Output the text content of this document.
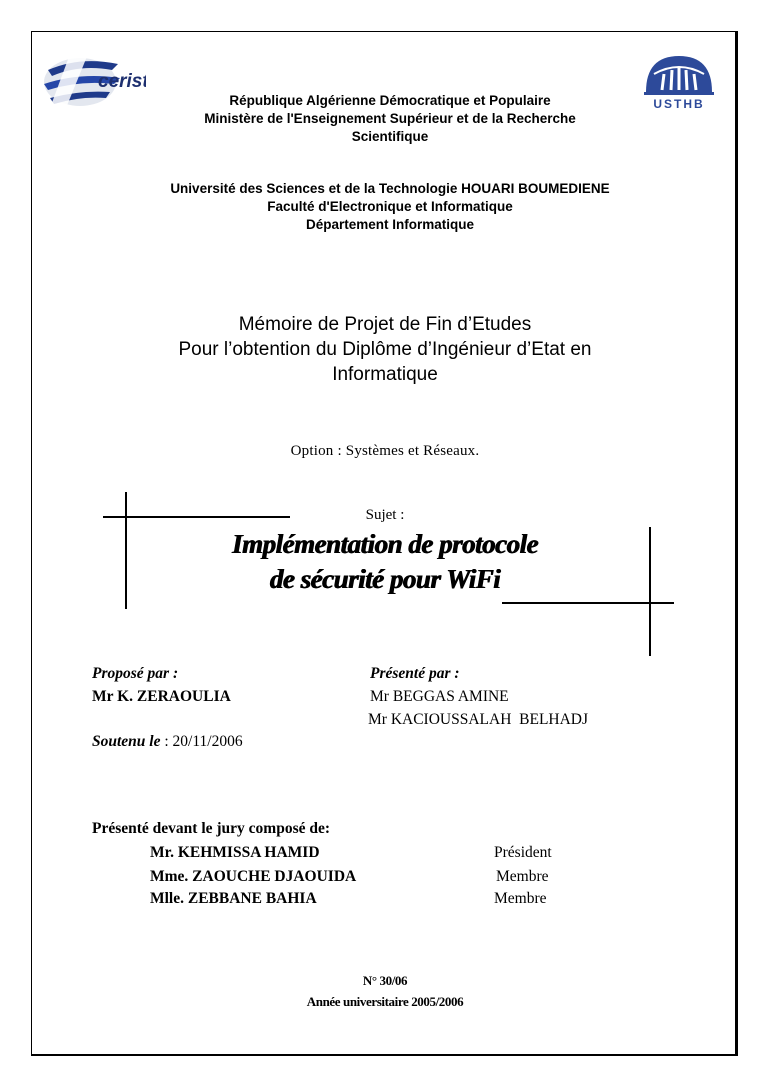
cerist
USTHB
République Algérienne Démocratique et Populaire
Ministère de l'Enseignement Supérieur et de la Recherche
Scientifique
Université des Sciences et de la Technologie HOUARI BOUMEDIENE
Faculté d'Electronique et Informatique
Département Informatique
Mémoire de Projet de Fin d’Etudes
Pour l’obtention du Diplôme d’Ingénieur d’Etat en
Informatique
Option : Systèmes et Réseaux.
Sujet :
Implémentation de protocole
de sécurité pour WiFi
Proposé par :
Mr K. ZERAOULIA
Présenté par :
Mr BEGGAS AMINE
Mr KACIOUSSALAH  BELHADJ
Soutenu le : 20/11/2006
Présenté devant le jury composé de:
Mr. KEHMISSA HAMID	Président
Mme. ZAOUCHE DJAOUIDA	Membre
Mlle. ZEBBANE BAHIA	Membre
N° 30/06
Année universitaire 2005/2006
